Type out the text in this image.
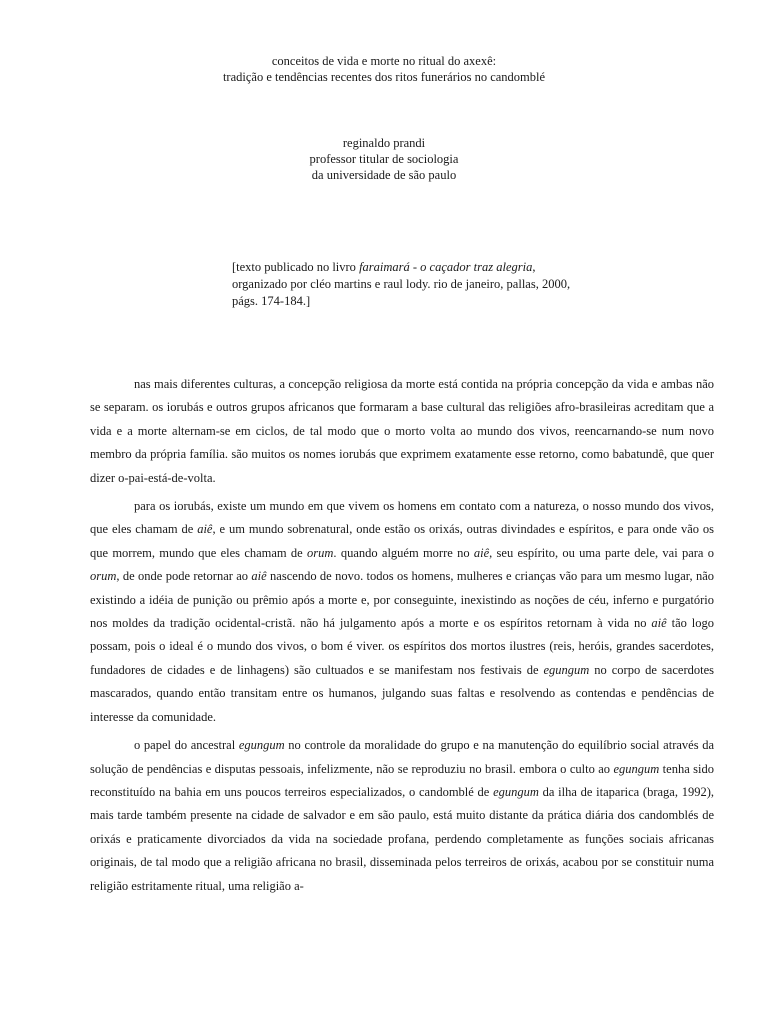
conceitos de vida e morte no ritual do axexê:
tradição e tendências recentes dos ritos funerários no candomblé
reginaldo prandi
professor titular de sociologia
da universidade de são paulo
[texto publicado no livro faraimará - o caçador traz alegria, organizado por cléo martins e raul lody. rio de janeiro, pallas, 2000, págs. 174-184.]

nas mais diferentes culturas, a concepção religiosa da morte está contida na própria concepção da vida e ambas não se separam. os iorubás e outros grupos africanos que formaram a base cultural das religiões afro-brasileiras acreditam que a vida e a morte alternam-se em ciclos, de tal modo que o morto volta ao mundo dos vivos, reencarnando-se num novo membro da própria família. são muitos os nomes iorubás que exprimem exatamente esse retorno, como babatundê, que quer dizer o-pai-está-de-volta.

para os iorubás, existe um mundo em que vivem os homens em contato com a natureza, o nosso mundo dos vivos, que eles chamam de aiê, e um mundo sobrenatural, onde estão os orixás, outras divindades e espíritos, e para onde vão os que morrem, mundo que eles chamam de orum. quando alguém morre no aiê, seu espírito, ou uma parte dele, vai para o orum, de onde pode retornar ao aiê nascendo de novo. todos os homens, mulheres e crianças vão para um mesmo lugar, não existindo a idéia de punição ou prêmio após a morte e, por conseguinte, inexistindo as noções de céu, inferno e purgatório nos moldes da tradição ocidental-cristã. não há julgamento após a morte e os espíritos retornam à vida no aiê tão logo possam, pois o ideal é o mundo dos vivos, o bom é viver. os espíritos dos mortos ilustres (reis, heróis, grandes sacerdotes, fundadores de cidades e de linhagens) são cultuados e se manifestam nos festivais de egungum no corpo de sacerdotes mascarados, quando então transitam entre os humanos, julgando suas faltas e resolvendo as contendas e pendências de interesse da comunidade.

o papel do ancestral egungum no controle da moralidade do grupo e na manutenção do equilíbrio social através da solução de pendências e disputas pessoais, infelizmente, não se reproduziu no brasil. embora o culto ao egungum tenha sido reconstituído na bahia em uns poucos terreiros especializados, o candomblé de egungum da ilha de itaparica (braga, 1992), mais tarde também presente na cidade de salvador e em são paulo, está muito distante da prática diária dos candomblés de orixás e praticamente divorciados da vida na sociedade profana, perdendo completamente as funções sociais africanas originais, de tal modo que a religião africana no brasil, disseminada pelos terreiros de orixás, acabou por se constituir numa religião estritamente ritual, uma religião a-
